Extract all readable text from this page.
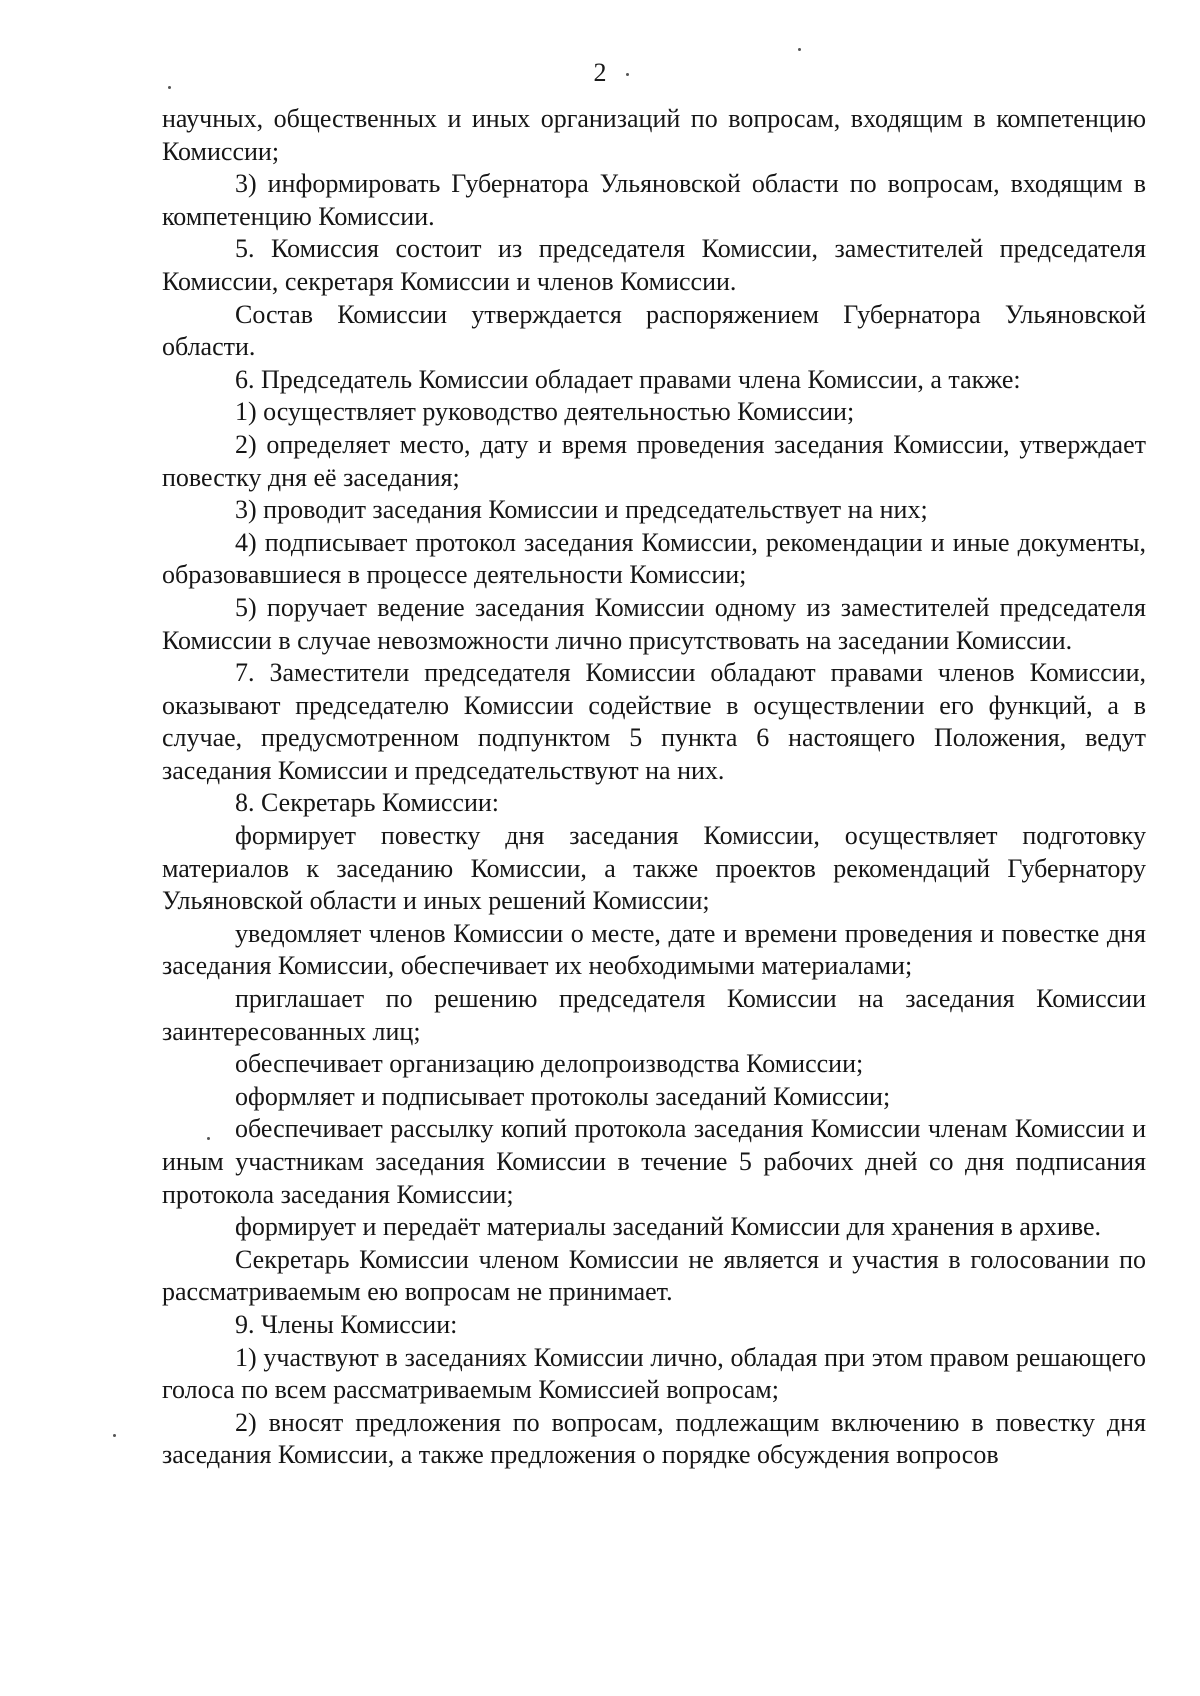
2

научных, общественных и иных организаций по вопросам, входящим в компетенцию Комиссии;

3) информировать Губернатора Ульяновской области по вопросам, входящим в компетенцию Комиссии.

5. Комиссия состоит из председателя Комиссии, заместителей председателя Комиссии, секретаря Комиссии и членов Комиссии.

Состав Комиссии утверждается распоряжением Губернатора Ульяновской области.

6. Председатель Комиссии обладает правами члена Комиссии, а также:

1) осуществляет руководство деятельностью Комиссии;

2) определяет место, дату и время проведения заседания Комиссии, утверждает повестку дня её заседания;

3) проводит заседания Комиссии и председательствует на них;

4) подписывает протокол заседания Комиссии, рекомендации и иные документы, образовавшиеся в процессе деятельности Комиссии;

5) поручает ведение заседания Комиссии одному из заместителей председателя Комиссии в случае невозможности лично присутствовать на заседании Комиссии.

7. Заместители председателя Комиссии обладают правами членов Комиссии, оказывают председателю Комиссии содействие в осуществлении его функций, а в случае, предусмотренном подпунктом 5 пункта 6 настоящего Положения, ведут заседания Комиссии и председательствуют на них.

8. Секретарь Комиссии:

формирует повестку дня заседания Комиссии, осуществляет подготовку материалов к заседанию Комиссии, а также проектов рекомендаций Губернатору Ульяновской области и иных решений Комиссии;

уведомляет членов Комиссии о месте, дате и времени проведения и повестке дня заседания Комиссии, обеспечивает их необходимыми материалами;

приглашает по решению председателя Комиссии на заседания Комиссии заинтересованных лиц;

обеспечивает организацию делопроизводства Комиссии;

оформляет и подписывает протоколы заседаний Комиссии;

обеспечивает рассылку копий протокола заседания Комиссии членам Комиссии и иным участникам заседания Комиссии в течение 5 рабочих дней со дня подписания протокола заседания Комиссии;

формирует и передаёт материалы заседаний Комиссии для хранения в архиве.

Секретарь Комиссии членом Комиссии не является и участия в голосовании по рассматриваемым ею вопросам не принимает.

9. Члены Комиссии:

1) участвуют в заседаниях Комиссии лично, обладая при этом правом решающего голоса по всем рассматриваемым Комиссией вопросам;

2) вносят предложения по вопросам, подлежащим включению в повестку дня заседания Комиссии, а также предложения о порядке обсуждения вопросов
